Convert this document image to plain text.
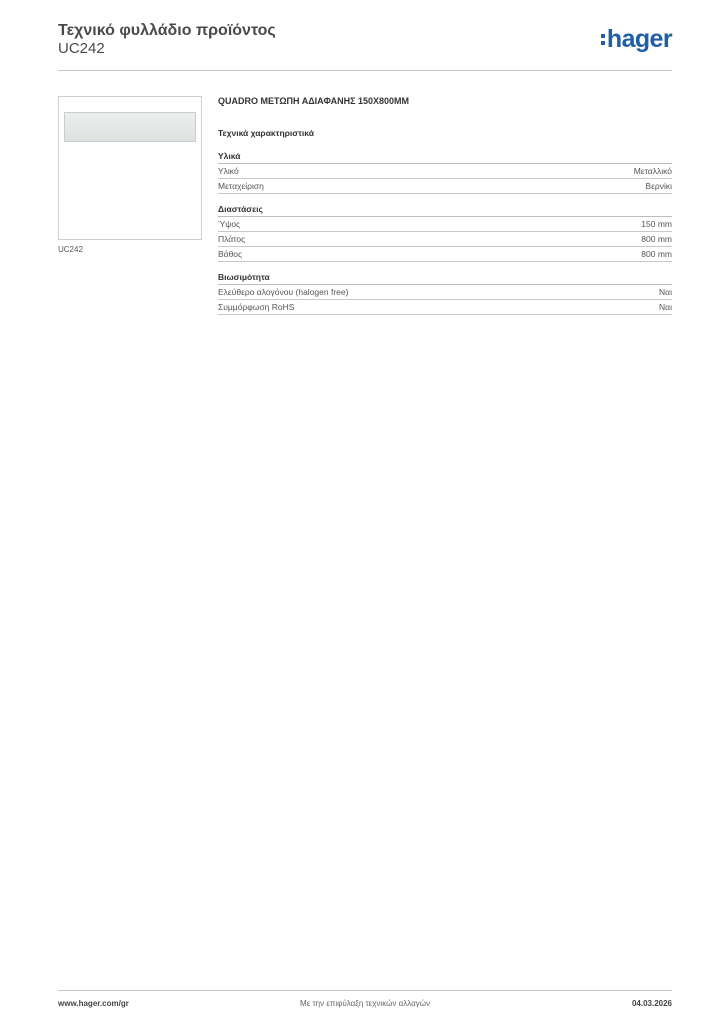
Τεχνικό φυλλάδιο προϊόντος
UC242	hager
UC242
QUADRO ΜΕΤΩΠΗ ΑΔΙΑΦΑΝΗΣ 150X800MM
Τεχνικά χαρακτηριστικά
Υλικά
Υλικό	Μεταλλικό
Μεταχείριση	Βερνίκι
Διαστάσεις
Ύψος	150 mm
Πλάτος	800 mm
Βάθος	800 mm
Βιωσιμότητα
Ελεύθερο αλογόνου (halogen free)	Ναι
Συμμόρφωση RoHS	Ναι
www.hager.com/gr	Με την επιφύλαξη τεχνικών αλλαγών	04.03.2026
